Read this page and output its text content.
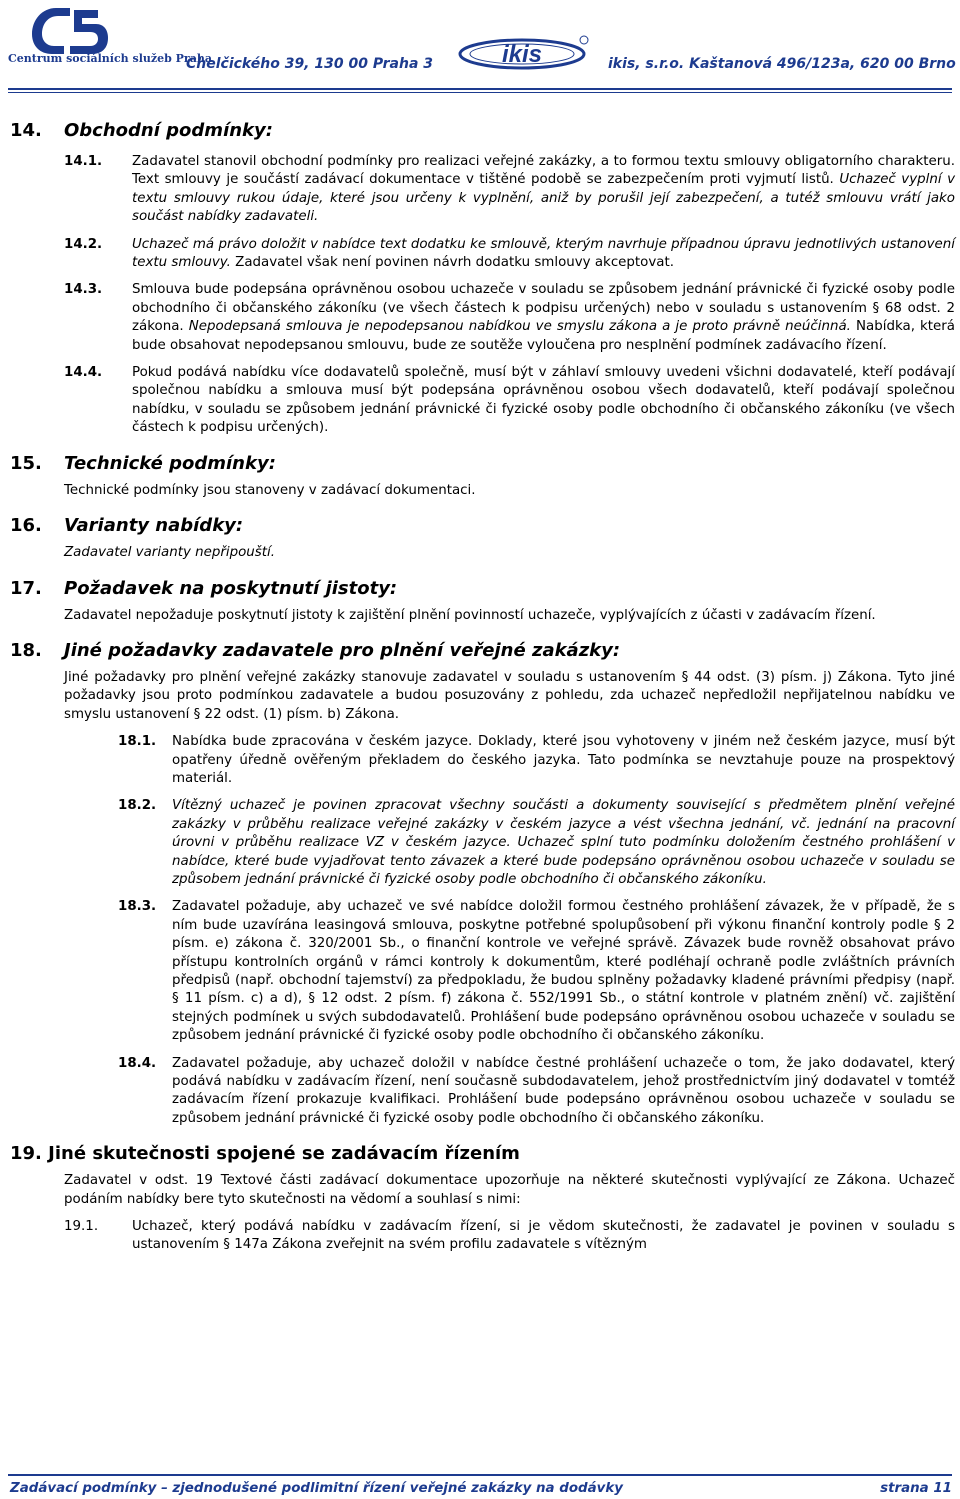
Centrum sociálních služeb Praha
Chelčického 39, 130 00 Praha 3	ikis	ikis, s.r.o. Kaštanová 496/123a, 620 00 Brno
14. Obchodní podmínky:
14.1.	Zadavatel stanovil obchodní podmínky pro realizaci veřejné zakázky, a to formou textu smlouvy obligatorního charakteru. Text smlouvy je součástí zadávací dokumentace v tištěné podobě se zabezpečením proti vyjmutí listů. Uchazeč vyplní v textu smlouvy rukou údaje, které jsou určeny k vyplnění, aniž by porušil její zabezpečení, a tutéž smlouvu vrátí jako součást nabídky zadavateli.
14.2.	Uchazeč má právo doložit v nabídce text dodatku ke smlouvě, kterým navrhuje případnou úpravu jednotlivých ustanovení textu smlouvy. Zadavatel však není povinen návrh dodatku smlouvy akceptovat.
14.3.	Smlouva bude podepsána oprávněnou osobou uchazeče v souladu se způsobem jednání právnické či fyzické osoby podle obchodního či občanského zákoníku (ve všech částech k podpisu určených) nebo v souladu s ustanovením § 68 odst. 2 zákona. Nepodepsaná smlouva je nepodepsanou nabídkou ve smyslu zákona a je proto právně neúčinná. Nabídka, která bude obsahovat nepodepsanou smlouvu, bude ze soutěže vyloučena pro nesplnění podmínek zadávacího řízení.
14.4.	Pokud podává nabídku více dodavatelů společně, musí být v záhlaví smlouvy uvedeni všichni dodavatelé, kteří podávají společnou nabídku a smlouva musí být podepsána oprávněnou osobou všech dodavatelů, kteří podávají společnou nabídku, v souladu se způsobem jednání právnické či fyzické osoby podle obchodního či občanského zákoníku (ve všech částech k podpisu určených).
15. Technické podmínky:
Technické podmínky jsou stanoveny v zadávací dokumentaci.
16. Varianty nabídky:
Zadavatel varianty nepřipouští.
17. Požadavek na poskytnutí jistoty:
Zadavatel nepožaduje poskytnutí jistoty k zajištění plnění povinností uchazeče, vyplývajících z účasti v zadávacím řízení.
18. Jiné požadavky zadavatele pro plnění veřejné zakázky:
Jiné požadavky pro plnění veřejné zakázky stanovuje zadavatel v souladu s ustanovením § 44 odst. (3) písm. j) Zákona. Tyto jiné požadavky jsou proto podmínkou zadavatele a budou posuzovány z pohledu, zda uchazeč nepředložil nepřijatelnou nabídku ve smyslu ustanovení § 22 odst. (1) písm. b) Zákona.
18.1.	Nabídka bude zpracována v českém jazyce. Doklady, které jsou vyhotoveny v jiném než českém jazyce, musí být opatřeny úředně ověřeným překladem do českého jazyka. Tato podmínka se nevztahuje pouze na prospektový materiál.
18.2.	Vítězný uchazeč je povinen zpracovat všechny součásti a dokumenty související s předmětem plnění veřejné zakázky v průběhu realizace veřejné zakázky v českém jazyce a vést všechna jednání, vč. jednání na pracovní úrovni v průběhu realizace VZ v českém jazyce. Uchazeč splní tuto podmínku doložením čestného prohlášení v nabídce, které bude vyjadřovat tento závazek a které bude podepsáno oprávněnou osobou uchazeče v souladu se způsobem jednání právnické či fyzické osoby podle obchodního či občanského zákoníku.
18.3.	Zadavatel požaduje, aby uchazeč ve své nabídce doložil formou čestného prohlášení závazek, že v případě, že s ním bude uzavírána leasingová smlouva, poskytne potřebné spolupůsobení při výkonu finanční kontroly podle § 2 písm. e) zákona č. 320/2001 Sb., o finanční kontrole ve veřejné správě. Závazek bude rovněž obsahovat právo přístupu kontrolních orgánů v rámci kontroly k dokumentům, které podléhají ochraně podle zvláštních právních předpisů (např. obchodní tajemství) za předpokladu, že budou splněny požadavky kladené právními předpisy (např. § 11 písm. c) a d), § 12 odst. 2 písm. f) zákona č. 552/1991 Sb., o státní kontrole v platném znění) vč. zajištění stejných podmínek u svých subdodavatelů. Prohlášení bude podepsáno oprávněnou osobou uchazeče v souladu se způsobem jednání právnické či fyzické osoby podle obchodního či občanského zákoníku.
18.4.	Zadavatel požaduje, aby uchazeč doložil v nabídce čestné prohlášení uchazeče o tom, že jako dodavatel, který podává nabídku v zadávacím řízení, není současně subdodavatelem, jehož prostřednictvím jiný dodavatel v tomtéž zadávacím řízení prokazuje kvalifikaci. Prohlášení bude podepsáno oprávněnou osobou uchazeče v souladu se způsobem jednání právnické či fyzické osoby podle obchodního či občanského zákoníku.
19. Jiné skutečnosti spojené se zadávacím řízením
Zadavatel v odst. 19 Textové části zadávací dokumentace upozorňuje na některé skutečnosti vyplývající ze Zákona. Uchazeč podáním nabídky bere tyto skutečnosti na vědomí a souhlasí s nimi:
19.1.	Uchazeč, který podává nabídku v zadávacím řízení, si je vědom skutečnosti, že zadavatel je povinen v souladu s ustanovením § 147a Zákona zveřejnit na svém profilu zadavatele s vítězným
Zadávací podmínky – zjednodušené podlimitní řízení veřejné zakázky na dodávky	strana 11
